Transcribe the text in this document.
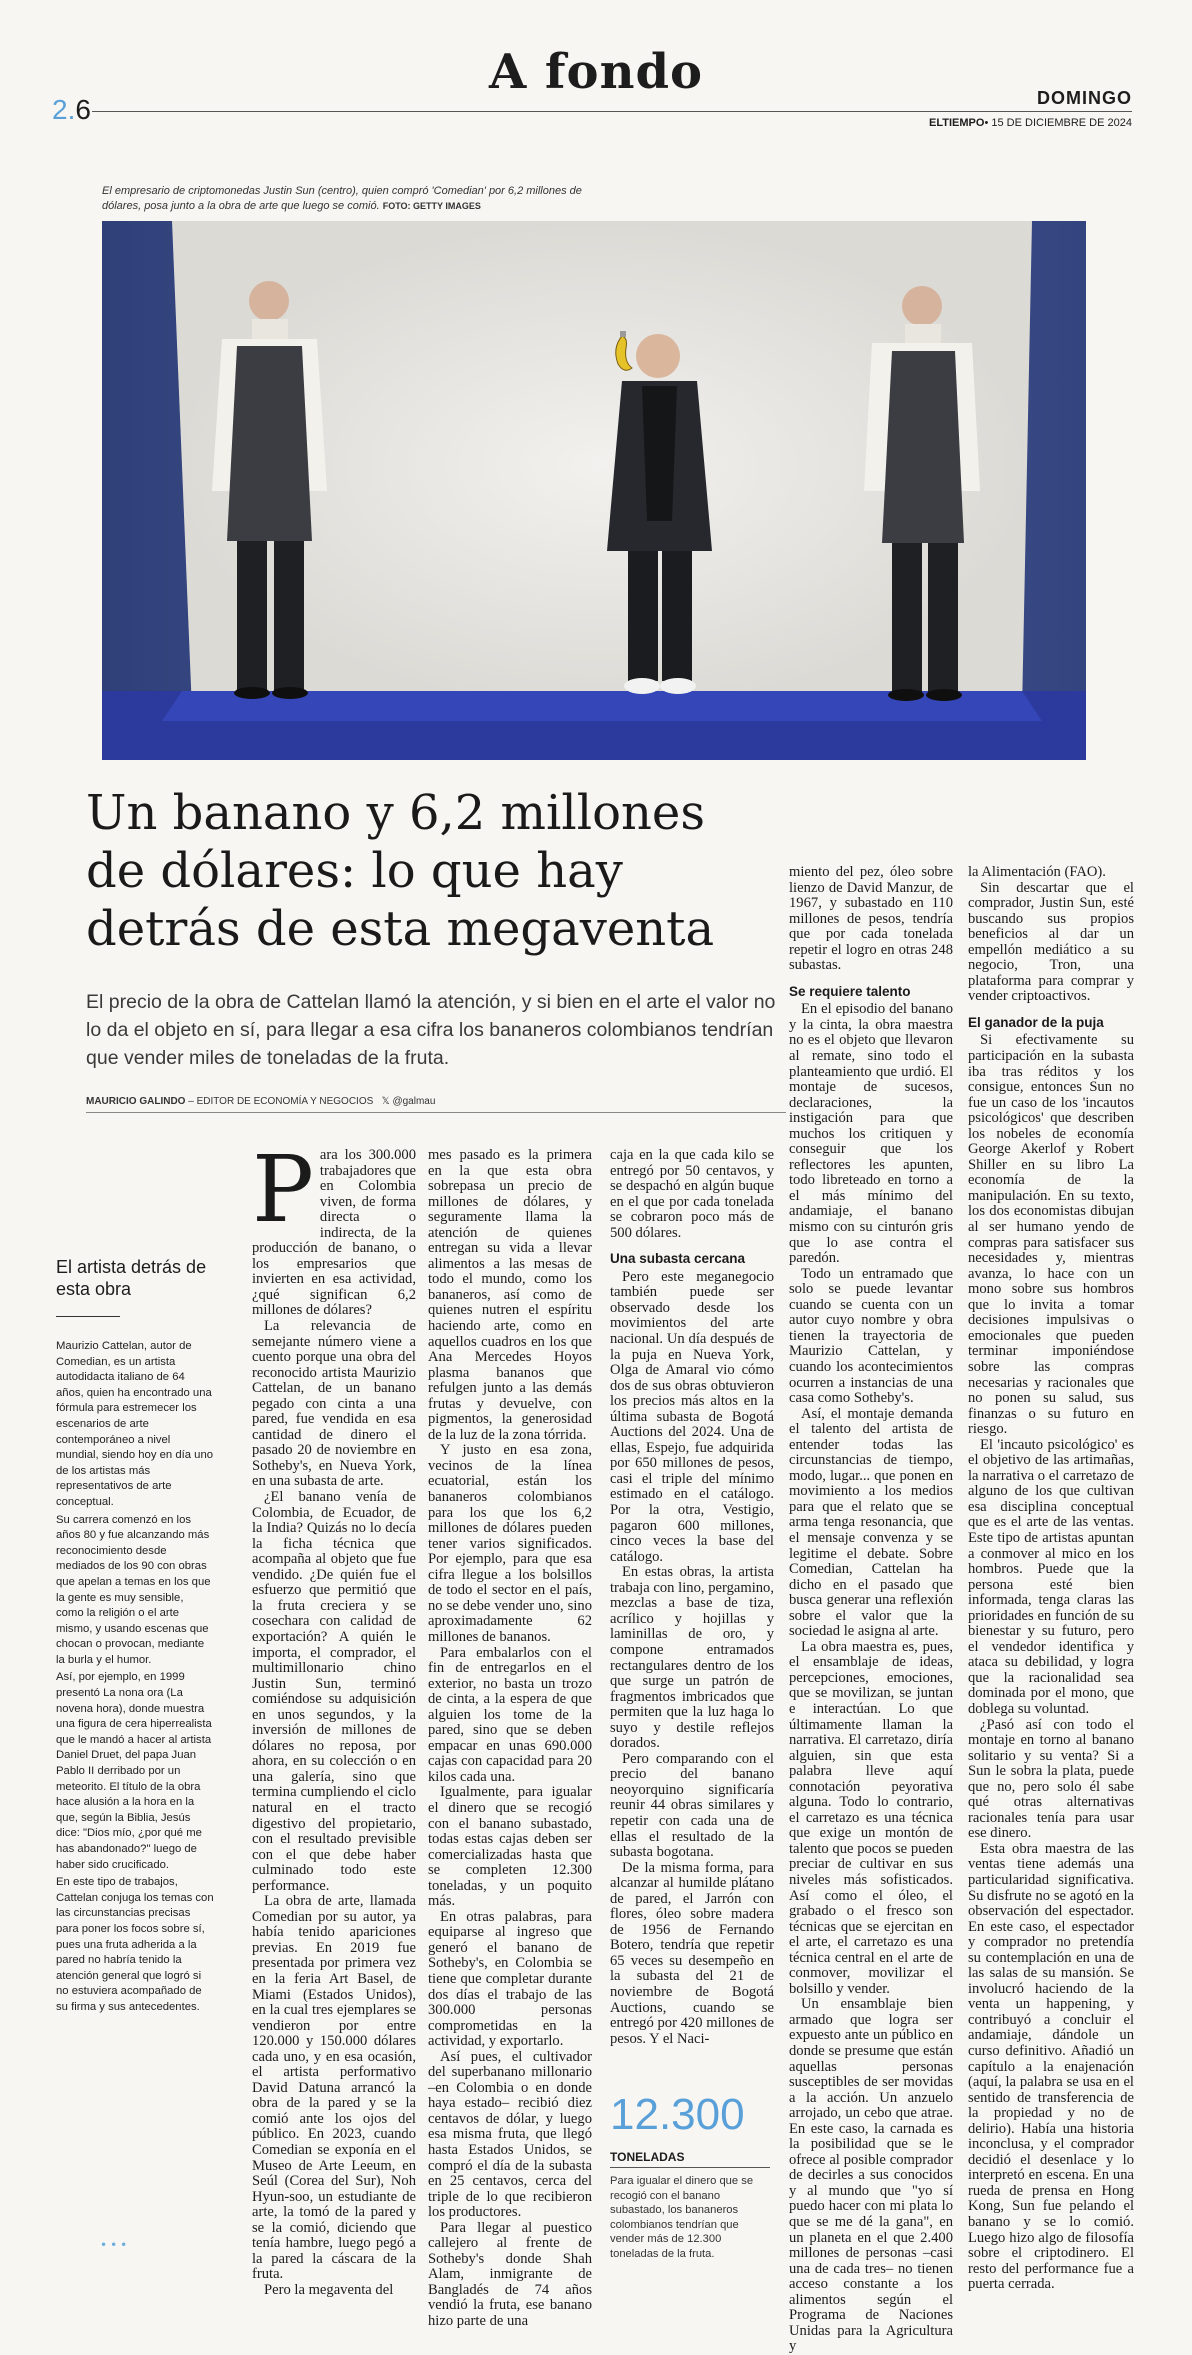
A fondo
2.6	DOMINGO
ELTIEMPO• 15 DE DICIEMBRE DE 2024
El empresario de criptomonedas Justin Sun (centro), quien compró 'Comedian' por 6,2 millones de dólares, posa junto a la obra de arte que luego se comió. FOTO: GETTY IMAGES
Un banano y 6,2 millones de dólares: lo que hay detrás de esta megaventa
El precio de la obra de Cattelan llamó la atención, y si bien en el arte el valor no lo da el objeto en sí, para llegar a esa cifra los bananeros colombianos tendrían que vender miles de toneladas de la fruta.
MAURICIO GALINDO – EDITOR DE ECONOMÍA Y NEGOCIOS 𝕏 @galmau
El artista detrás de esta obra

Maurizio Cattelan, autor de Comedian, es un artista autodidacta italiano de 64 años, quien ha encontrado una fórmula para estremecer los escenarios de arte contemporáneo a nivel mundial, siendo hoy en día uno de los artistas más representativos de arte conceptual.

Su carrera comenzó en los años 80 y fue alcanzando más reconocimiento desde mediados de los 90 con obras que apelan a temas en los que la gente es muy sensible, como la religión o el arte mismo, y usando escenas que chocan o provocan, mediante la burla y el humor.

Así, por ejemplo, en 1999 presentó La nona ora (La novena hora), donde muestra una figura de cera hiperrealista que le mandó a hacer al artista Daniel Druet, del papa Juan Pablo II derribado por un meteorito. El título de la obra hace alusión a la hora en la que, según la Biblia, Jesús dice: "Dios mío, ¿por qué me has abandonado?" luego de haber sido crucificado.

En este tipo de trabajos, Cattelan conjuga los temas con las circunstancias precisas para poner los focos sobre sí, pues una fruta adherida a la pared no habría tenido la atención general que logró si no estuviera acompañado de su firma y sus antecedentes.

•••
P ara los 300.000 trabajadores que en Colombia viven, de forma directa o indirecta, de la producción de banano, o los empresarios que invierten en esa actividad, ¿qué significan 6,2 millones de dólares?

La relevancia de semejante número viene a cuento porque una obra del reconocido artista Maurizio Cattelan, de un banano pegado con cinta a una pared, fue vendida en esa cantidad de dinero el pasado 20 de noviembre en Sotheby's, en Nueva York, en una subasta de arte.

¿El banano venía de Colombia, de Ecuador, de la India? Quizás no lo decía la ficha técnica que acompaña al objeto que fue vendido. ¿De quién fue el esfuerzo que permitió que la fruta creciera y se cosechara con calidad de exportación? A quién le importa, el comprador, el multimillonario chino Justin Sun, terminó comiéndose su adquisición en unos segundos, y la inversión de millones de dólares no reposa, por ahora, en su colección o en una galería, sino que termina cumpliendo el ciclo natural en el tracto digestivo del propietario, con el resultado previsible con el que debe haber culminado todo este performance.

La obra de arte, llamada Comedian por su autor, ya había tenido apariciones previas. En 2019 fue presentada por primera vez en la feria Art Basel, de Miami (Estados Unidos), en la cual tres ejemplares se vendieron por entre 120.000 y 150.000 dólares cada uno, y en esa ocasión, el artista performativo David Datuna arrancó la obra de la pared y se la comió ante los ojos del público. En 2023, cuando Comedian se exponía en el Museo de Arte Leeum, en Seúl (Corea del Sur), Noh Hyun-soo, un estudiante de arte, la tomó de la pared y se la comió, diciendo que tenía hambre, luego pegó a la pared la cáscara de la fruta.

Pero la megaventa del

mes pasado es la primera en la que esta obra sobrepasa un precio de millones de dólares, y seguramente llama la atención de quienes entregan su vida a llevar alimentos a las mesas de todo el mundo, como los bananeros, así como de quienes nutren el espíritu haciendo arte, como en aquellos cuadros en los que Ana Mercedes Hoyos plasma bananos que refulgen junto a las demás frutas y devuelve, con pigmentos, la generosidad de la luz de la zona tórrida.

Y justo en esa zona, vecinos de la línea ecuatorial, están los bananeros colombianos para los que los 6,2 millones de dólares pueden tener varios significados. Por ejemplo, para que esa cifra llegue a los bolsillos de todo el sector en el país, no se debe vender uno, sino aproximadamente 62 millones de bananos.

Para embalarlos con el fin de entregarlos en el exterior, no basta un trozo de cinta, a la espera de que alguien los tome de la pared, sino que se deben empacar en unas 690.000 cajas con capacidad para 20 kilos cada una.

Igualmente, para igualar el dinero que se recogió con el banano subastado, todas estas cajas deben ser comercializadas hasta que se completen 12.300 toneladas, y un poquito más.

En otras palabras, para equiparse al ingreso que generó el banano de Sotheby's, en Colombia se tiene que completar durante dos días el trabajo de las 300.000 personas comprometidas en la actividad, y exportarlo.

Así pues, el cultivador del superbanano millonario –en Colombia o en donde haya estado– recibió diez centavos de dólar, y luego esa misma fruta, que llegó hasta Estados Unidos, se compró el día de la subasta en 25 centavos, cerca del triple de lo que recibieron los productores.

Para llegar al puestico callejero al frente de Sotheby's donde Shah Alam, inmigrante de Bangladés de 74 años vendió la fruta, ese banano hizo parte de una

caja en la que cada kilo se entregó por 50 centavos, y se despachó en algún buque en el que por cada tonelada se cobraron poco más de 500 dólares.

Una subasta cercana

Pero este meganegocio también puede ser observado desde los movimientos del arte nacional. Un día después de la puja en Nueva York, Olga de Amaral vio cómo dos de sus obras obtuvieron los precios más altos en la última subasta de Bogotá Auctions del 2024. Una de ellas, Espejo, fue adquirida por 650 millones de pesos, casi el triple del mínimo estimado en el catálogo. Por la otra, Vestigio, pagaron 600 millones, cinco veces la base del catálogo.

En estas obras, la artista trabaja con lino, pergamino, mezclas a base de tiza, acrílico y hojillas y laminillas de oro, y compone entramados rectangulares dentro de los que surge un patrón de fragmentos imbricados que permiten que la luz haga lo suyo y destile reflejos dorados.

Pero comparando con el precio del banano neoyorquino significaría reunir 44 obras similares y repetir con cada una de ellas el resultado de la subasta bogotana.

De la misma forma, para alcanzar al humilde plátano de pared, el Jarrón con flores, óleo sobre madera de 1956 de Fernando Botero, tendría que repetir 65 veces su desempeño en la subasta del 21 de noviembre de Bogotá Auctions, cuando se entregó por 420 millones de pesos. Y el Naci-

12.300
TONELADAS
Para igualar el dinero que se recogió con el banano subastado, los bananeros colombianos tendrían que vender más de 12.300 toneladas de la fruta.

miento del pez, óleo sobre lienzo de David Manzur, de 1967, y subastado en 110 millones de pesos, tendría que por cada tonelada repetir el logro en otras 248 subastas.

Se requiere talento

En el episodio del banano y la cinta, la obra maestra no es el objeto que llevaron al remate, sino todo el planteamiento que urdió. El montaje de sucesos, declaraciones, la instigación para que muchos los critiquen y conseguir que los reflectores les apunten, todo libreteado en torno a el más mínimo del andamiaje, el banano mismo con su cinturón gris que lo ase contra el paredón.

Todo un entramado que solo se puede levantar cuando se cuenta con un autor cuyo nombre y obra tienen la trayectoria de Maurizio Cattelan, y cuando los acontecimientos ocurren a instancias de una casa como Sotheby's.

Así, el montaje demanda el talento del artista de entender todas las circunstancias de tiempo, modo, lugar... que ponen en movimiento a los medios para que el relato que se arma tenga resonancia, que el mensaje convenza y se legitime el debate. Sobre Comedian, Cattelan ha dicho en el pasado que busca generar una reflexión sobre el valor que la sociedad le asigna al arte.

La obra maestra es, pues, el ensamblaje de ideas, percepciones, emociones, que se movilizan, se juntan e interactúan. Lo que últimamente llaman la narrativa. El carretazo, diría alguien, sin que esta palabra lleve aquí connotación peyorativa alguna. Todo lo contrario, el carretazo es una técnica que exige un montón de talento que pocos se pueden preciar de cultivar en sus niveles más sofisticados. Así como el óleo, el grabado o el fresco son técnicas que se ejercitan en el arte, el carretazo es una técnica central en el arte de conmover, movilizar el bolsillo y vender.

Un ensamblaje bien armado que logra ser expuesto ante un público en donde se presume que están aquellas personas susceptibles de ser movidas a la acción. Un anzuelo arrojado, un cebo que atrae. En este caso, la carnada es la posibilidad que se le ofrece al posible comprador de decirles a sus conocidos y al mundo que "yo sí puedo hacer con mi plata lo que se me dé la gana", en un planeta en el que 2.400 millones de personas –casi una de cada tres– no tienen acceso constante a los alimentos según el Programa de Naciones Unidas para la Agricultura y

la Alimentación (FAO).

Sin descartar que el comprador, Justin Sun, esté buscando sus propios beneficios al dar un empellón mediático a su negocio, Tron, una plataforma para comprar y vender criptoactivos.

El ganador de la puja

Si efectivamente su participación en la subasta iba tras réditos y los consigue, entonces Sun no fue un caso de los 'incautos psicológicos' que describen los nobeles de economía George Akerlof y Robert Shiller en su libro La economía de la manipulación. En su texto, los dos economistas dibujan al ser humano yendo de compras para satisfacer sus necesidades y, mientras avanza, lo hace con un mono sobre sus hombros que lo invita a tomar decisiones impulsivas o emocionales que pueden terminar imponiéndose sobre las compras necesarias y racionales que no ponen su salud, sus finanzas o su futuro en riesgo.

El 'incauto psicológico' es el objetivo de las artimañas, la narrativa o el carretazo de alguno de los que cultivan esa disciplina conceptual que es el arte de las ventas. Este tipo de artistas apuntan a conmover al mico en los hombros. Puede que la persona esté bien informada, tenga claras las prioridades en función de su bienestar y su futuro, pero el vendedor identifica y ataca su debilidad, y logra que la racionalidad sea dominada por el mono, que doblega su voluntad.

¿Pasó así con todo el montaje en torno al banano solitario y su venta? Si a Sun le sobra la plata, puede que no, pero solo él sabe qué otras alternativas racionales tenía para usar ese dinero.

Esta obra maestra de las ventas tiene además una particularidad significativa. Su disfrute no se agotó en la observación del espectador. En este caso, el espectador y comprador no pretendía su contemplación en una de las salas de su mansión. Se involucró haciendo de la venta un happening, y contribuyó a concluir el andamiaje, dándole un curso definitivo. Añadió un capítulo a la enajenación (aquí, la palabra se usa en el sentido de transferencia de la propiedad y no de delirio). Había una historia inconclusa, y el comprador decidió el desenlace y lo interpretó en escena. En una rueda de prensa en Hong Kong, Sun fue pelando el banano y se lo comió. Luego hizo algo de filosofía sobre el criptodinero. El resto del performance fue a puerta cerrada.
